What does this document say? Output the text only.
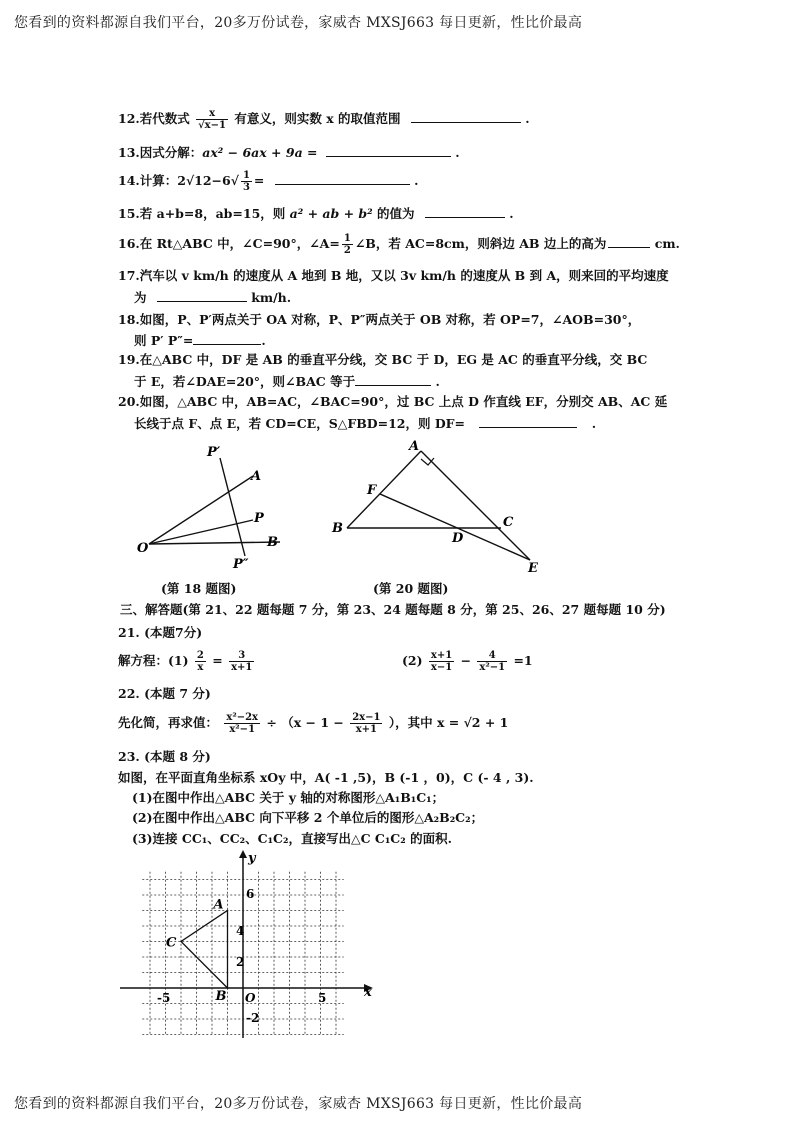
您看到的资料都源自我们平台，20多万份试卷，家威杏 MXSJ663 每日更新，性比价最高
12.若代数式 $\frac{x}{√x-1}$ 有意义，则实数 x 的取值范围	.
13.因式分解：ax² − 6ax + 9a =	.
14.计算：$2√12-6√ \frac{1}{3}$ =	.
15.若 a+b=8，ab=15，则 a² + ab + b² 的值为	.
16.在 Rt△ABC 中，∠C=90°，∠A= $\frac{1}{2}$ ∠B，若 AC=8cm，则斜边 AB 边上的高为	cm.
17.汽车以 v km/h 的速度从 A 地到 B 地，又以 3v km/h 的速度从 B 到 A，则来回的平均速度
为	km/h.
18.如图，P、P′两点关于 OA 对称，P、P″两点关于 OB 对称，若 OP=7，∠AOB=30°，
则 P′ P″=	.
19.在△ABC 中，DF 是 AB 的垂直平分线，交 BC 于 D，EG 是 AC 的垂直平分线，交 BC
于 E，若∠DAE=20°，则∠BAC 等于	.
20.如图，△ABC 中，AB=AC，∠BAC=90°，过 BC 上点 D 作直线 EF，分别交 AB、AC 延
长线于点 F、点 E，若 CD=CE，S△FBD=12，则 DF=	.
P′
A
P
O	B
P″
(第 18 题图)
A
F
B	C
D
E
(第 20 题图)
三、解答题(第 21、22 题每题 7 分，第 23、24 题每题 8 分，第 25、26、27 题每题 10 分)
21. (本题7分)
解方程：$(1) \frac{2}{x} = \frac{3}{x+1}$	$(2) \frac{x+1}{x-1} - \frac{4}{\text{x²−1}} =1$
22. (本题 7 分)
先化简，再求值： $\frac{\text{x²−2x}}{\text{x²−1}} \div (x - 1 - \frac{2x-1}{x+1}$ ），其中 x = √2 + 1
23. (本题 8 分)
如图，在平面直角坐标系 xOy 中，A( -1 ,5)，B (-1 ，0)，C (- 4 , 3).
(1)在图中作出△ABC 关于 y 轴的对称图形△A₁B₁C₁；
(2)在图中作出△ABC 向下平移 2 个单位后的图形△A₂B₂C₂；
(3)连接 CC₁、CC₂、C₁C₂，直接写出△C C₁C₂ 的面积.
x
y
O
-5	5
6
4
2
-2
A
B
C
您看到的资料都源自我们平台，20多万份试卷，家威杏 MXSJ663 每日更新，性比价最高
